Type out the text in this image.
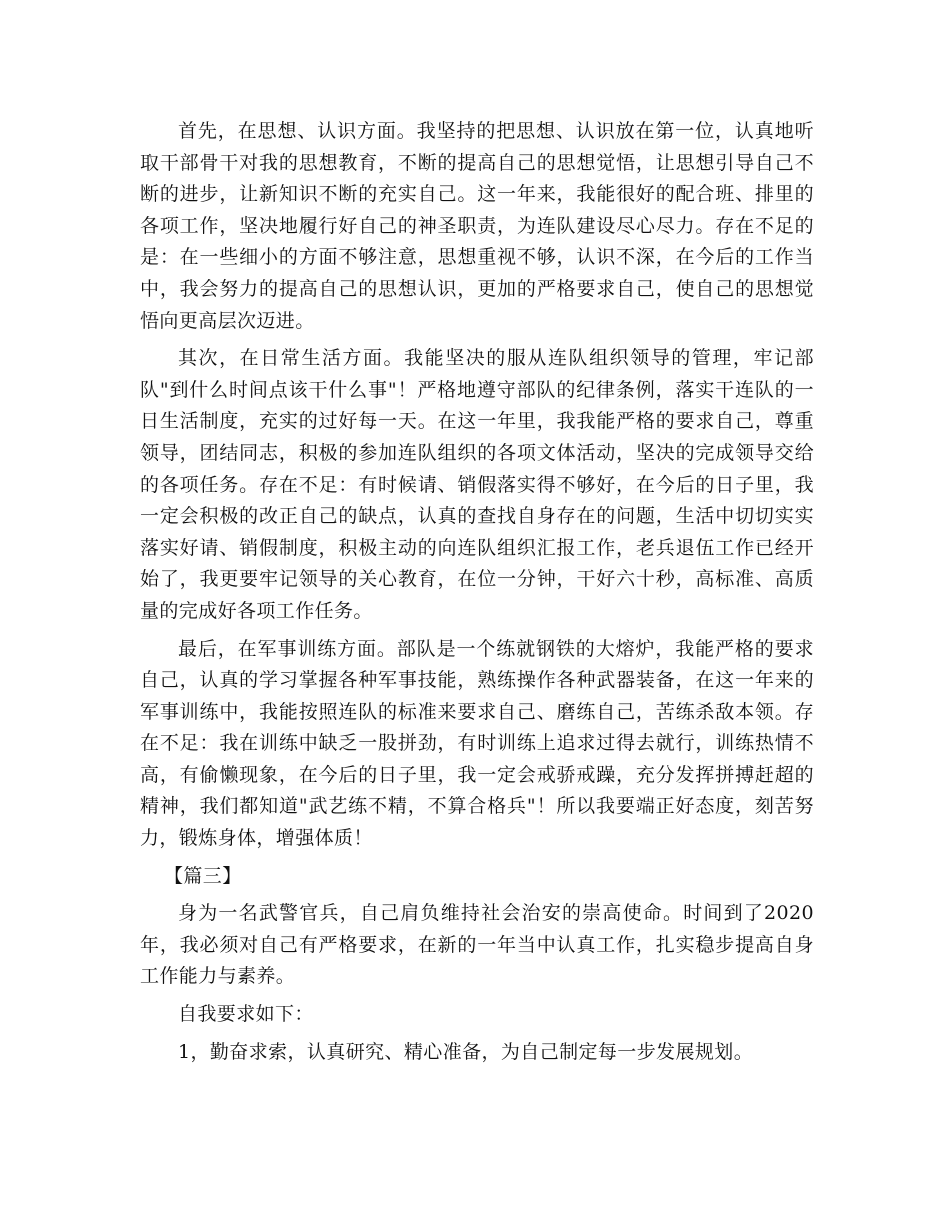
首先，在思想、认识方面。我坚持的把思想、认识放在第一位，认真地听取干部骨干对我的思想教育，不断的提高自己的思想觉悟，让思想引导自己不断的进步，让新知识不断的充实自己。这一年来，我能很好的配合班、排里的各项工作，坚决地履行好自己的神圣职责，为连队建设尽心尽力。存在不足的是：在一些细小的方面不够注意，思想重视不够，认识不深，在今后的工作当中，我会努力的提高自己的思想认识，更加的严格要求自己，使自己的思想觉悟向更高层次迈进。

其次，在日常生活方面。我能坚决的服从连队组织领导的管理，牢记部队"到什么时间点该干什么事"！严格地遵守部队的纪律条例，落实干连队的一日生活制度，充实的过好每一天。在这一年里，我我能严格的要求自己，尊重领导，团结同志，积极的参加连队组织的各项文体活动，坚决的完成领导交给的各项任务。存在不足：有时候请、销假落实得不够好，在今后的日子里，我一定会积极的改正自己的缺点，认真的查找自身存在的问题，生活中切切实实落实好请、销假制度，积极主动的向连队组织汇报工作，老兵退伍工作已经开始了，我更要牢记领导的关心教育，在位一分钟，干好六十秒，高标准、高质量的完成好各项工作任务。

最后，在军事训练方面。部队是一个练就钢铁的大熔炉，我能严格的要求自己，认真的学习掌握各种军事技能，熟练操作各种武器装备，在这一年来的军事训练中，我能按照连队的标准来要求自己、磨练自己，苦练杀敌本领。存在不足：我在训练中缺乏一股拼劲，有时训练上追求过得去就行，训练热情不高，有偷懒现象，在今后的日子里，我一定会戒骄戒躁，充分发挥拼搏赶超的精神，我们都知道"武艺练不精，不算合格兵"！所以我要端正好态度，刻苦努力，锻炼身体，增强体质！

【篇三】

身为一名武警官兵，自己肩负维持社会治安的崇高使命。时间到了2020年，我必须对自己有严格要求，在新的一年当中认真工作，扎实稳步提高自身工作能力与素养。

自我要求如下：

1，勤奋求索，认真研究、精心准备，为自己制定每一步发展规划。
